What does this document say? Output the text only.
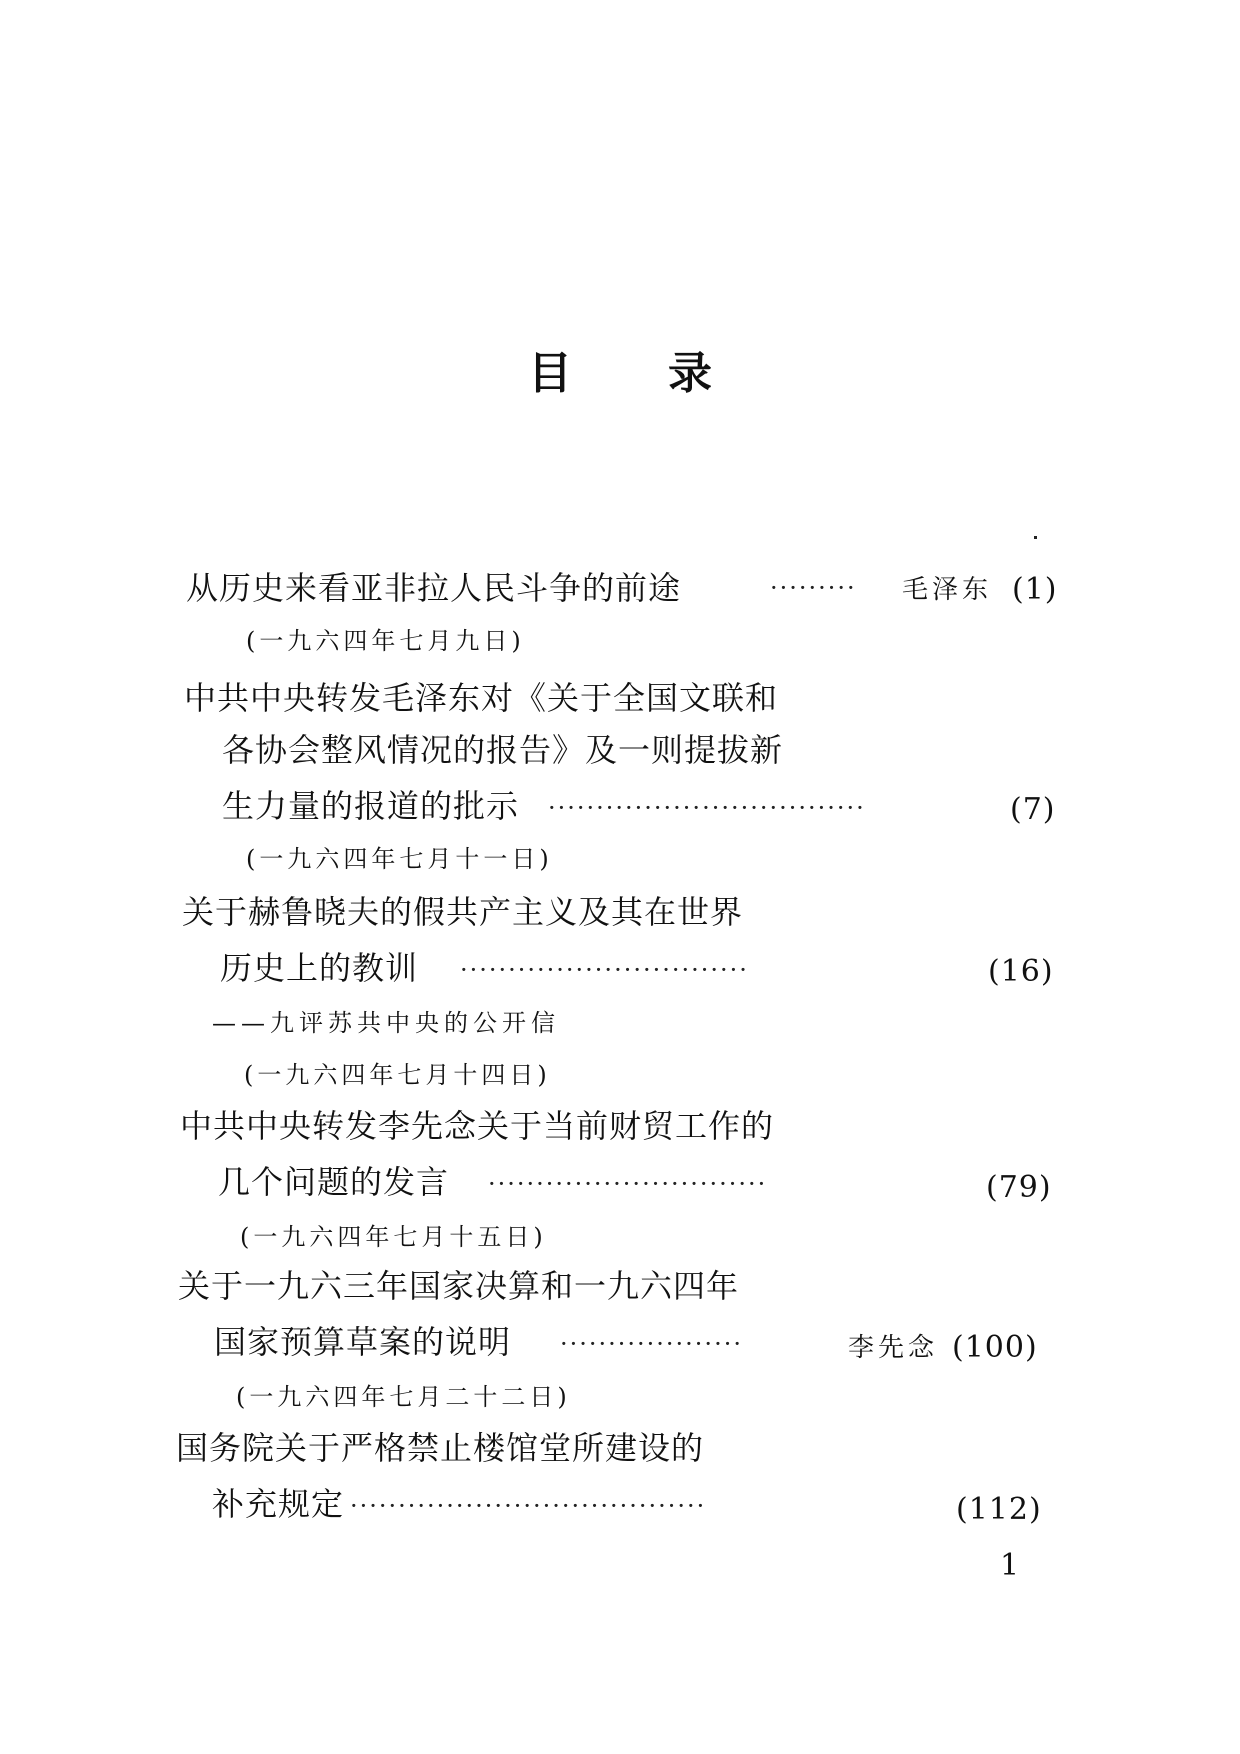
目 录
从历史来看亚非拉人民斗争的前途	·········	毛泽东 (1)
(一九六四年七月九日)
中共中央转发毛泽东对《关于全国文联和
各协会整风情况的报告》及一则提拔新
生力量的报道的批示 ·································	(7)
(一九六四年七月十一日)
关于赫鲁晓夫的假共产主义及其在世界
历史上的教训 ······························	(16)
——九评苏共中央的公开信
(一九六四年七月十四日)
中共中央转发李先念关于当前财贸工作的
几个问题的发言 ·····························	(79)
(一九六四年七月十五日)
关于一九六三年国家决算和一九六四年
国家预算草案的说明 ···················	李先念 (100)
(一九六四年七月二十二日)
国务院关于严格禁止楼馆堂所建设的
补充规定 ·····································	(112)
1
